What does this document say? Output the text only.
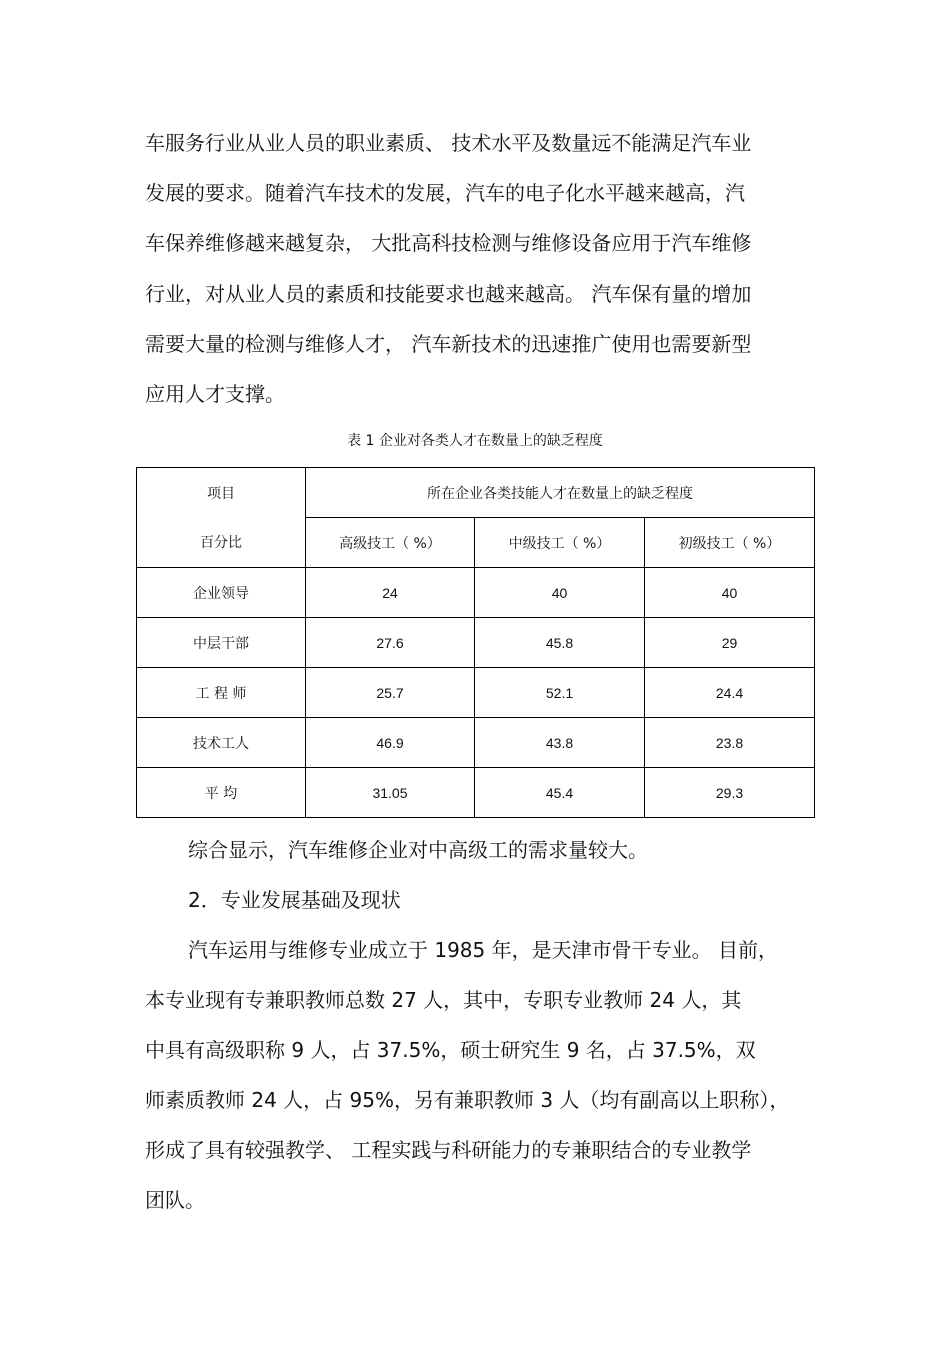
车服务行业从业人员的职业素质、 技术水平及数量远不能满足汽车业
发展的要求。随着汽车技术的发展，汽车的电子化水平越来越高，汽
车保养维修越来越复杂， 大批高科技检测与维修设备应用于汽车维修
行业，对从业人员的素质和技能要求也越来越高。 汽车保有量的增加
需要大量的检测与维修人才， 汽车新技术的迅速推广使用也需要新型
应用人才支撑。
表 1 企业对各类人才在数量上的缺乏程度
项目	所在企业各类技能人才在数量上的缺乏程度		
百分比	高级技工（ %）	中级技工（ %）	初级技工（ %）
企业领导	24	40	40
中层干部	27.6	45.8	29
工 程 师	25.7	52.1	24.4
技术工人	46.9	43.8	23.8
平 均	31.05	45.4	29.3
综合显示，汽车维修企业对中高级工的需求量较大。
2．专业发展基础及现状
汽车运用与维修专业成立于 1985 年，是天津市骨干专业。 目前，
本专业现有专兼职教师总数 27 人，其中，专职专业教师 24 人，其
中具有高级职称 9 人，占 37.5%，硕士研究生 9 名，占 37.5%，双
师素质教师 24 人，占 95%，另有兼职教师 3 人（均有副高以上职称），
形成了具有较强教学、 工程实践与科研能力的专兼职结合的专业教学
团队。
